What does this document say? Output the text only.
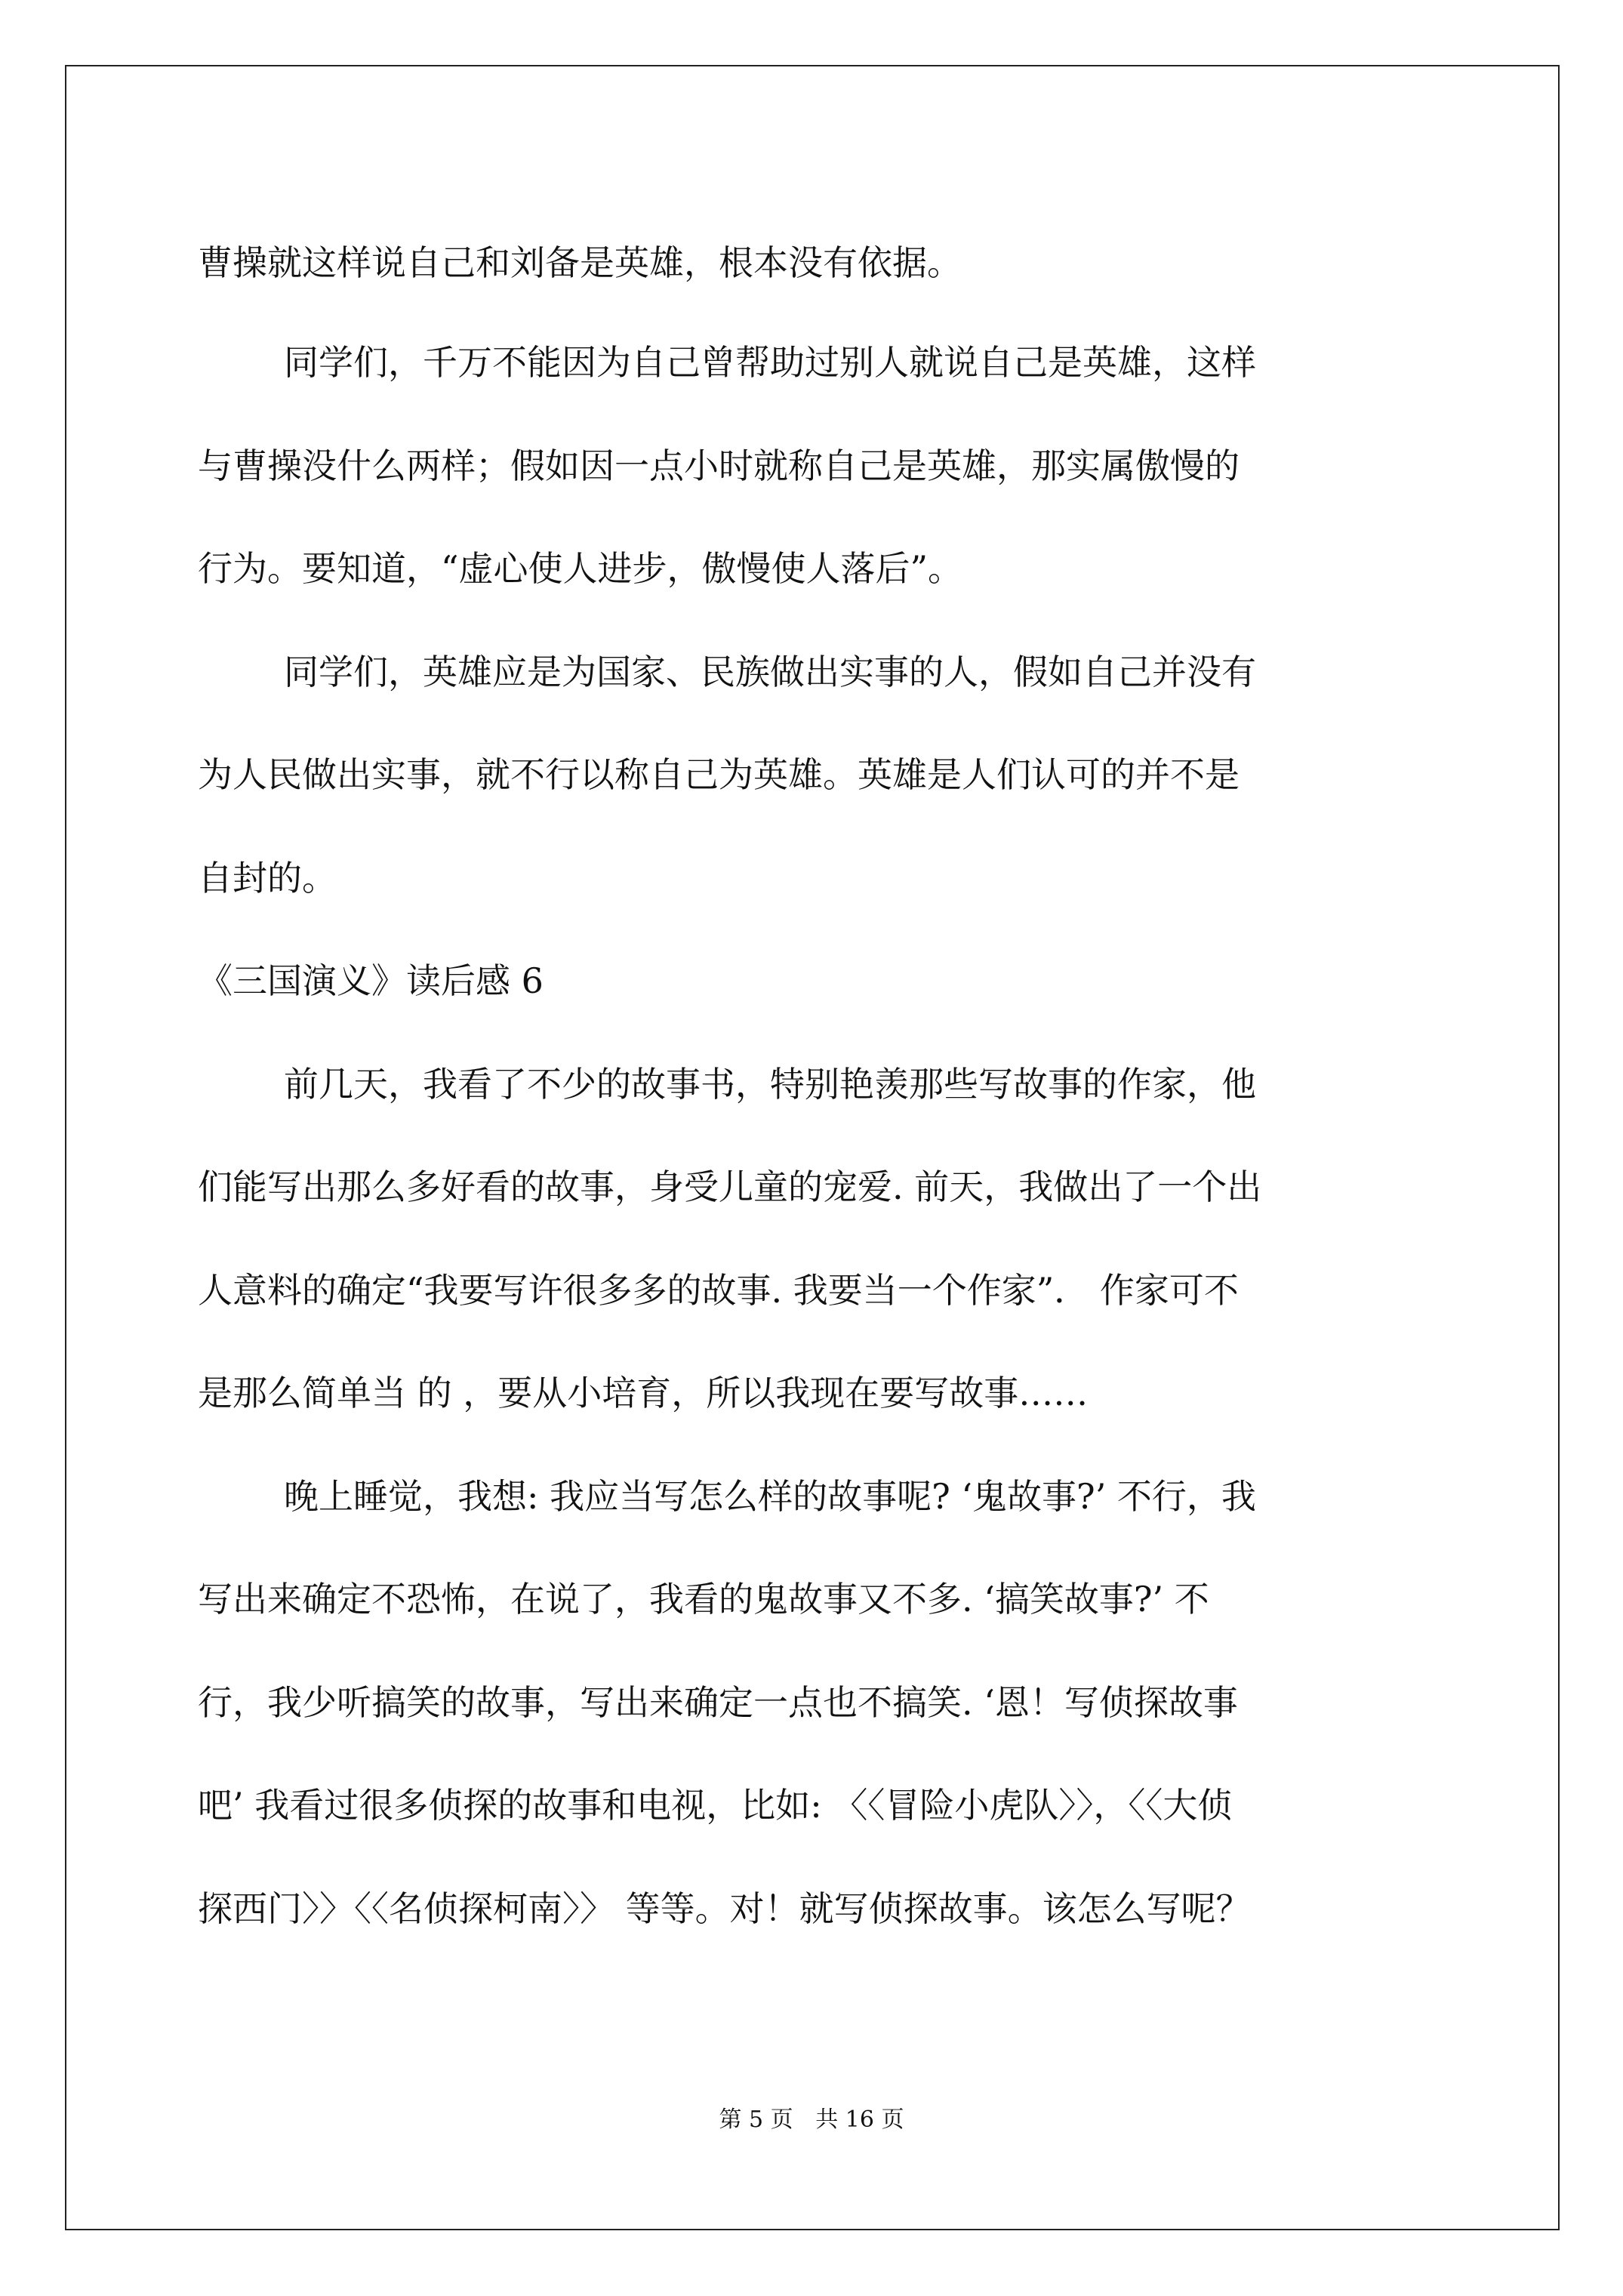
曹操就这样说自己和刘备是英雄，根本没有依据。
同学们，千万不能因为自己曾帮助过别人就说自己是英雄，这样
与曹操没什么两样；假如因一点小时就称自己是英雄，那实属傲慢的
行为。要知道，“虚心使人进步，傲慢使人落后”。
同学们，英雄应是为国家、民族做出实事的人，假如自己并没有
为人民做出实事，就不行以称自己为英雄。英雄是人们认可的并不是
自封的。
《三国演义》读后感 6
前几天，我看了不少的故事书，特别艳羡那些写故事的作家，他
们能写出那么多好看的故事，身受儿童的宠爱. 前天，我做出了一个出
人意料的确定“我要写许很多多的故事. 我要当一个作家”． 作家可不
是那么简单当 的 ，要从小培育，所以我现在要写故事……
晚上睡觉，我想: 我应当写怎么样的故事呢? ‘鬼故事?’ 不行，我
写出来确定不恐怖，在说了，我看的鬼故事又不多. ‘搞笑故事?’ 不
行，我少听搞笑的故事，写出来确定一点也不搞笑. ‘恩！写侦探故事
吧’ 我看过很多侦探的故事和电视，比如: 〈〈冒险小虎队〉〉，〈〈大侦
探西门〉〉〈〈名侦探柯南〉〉 等等。对！就写侦探故事。该怎么写呢？
第 5 页 共 16 页
